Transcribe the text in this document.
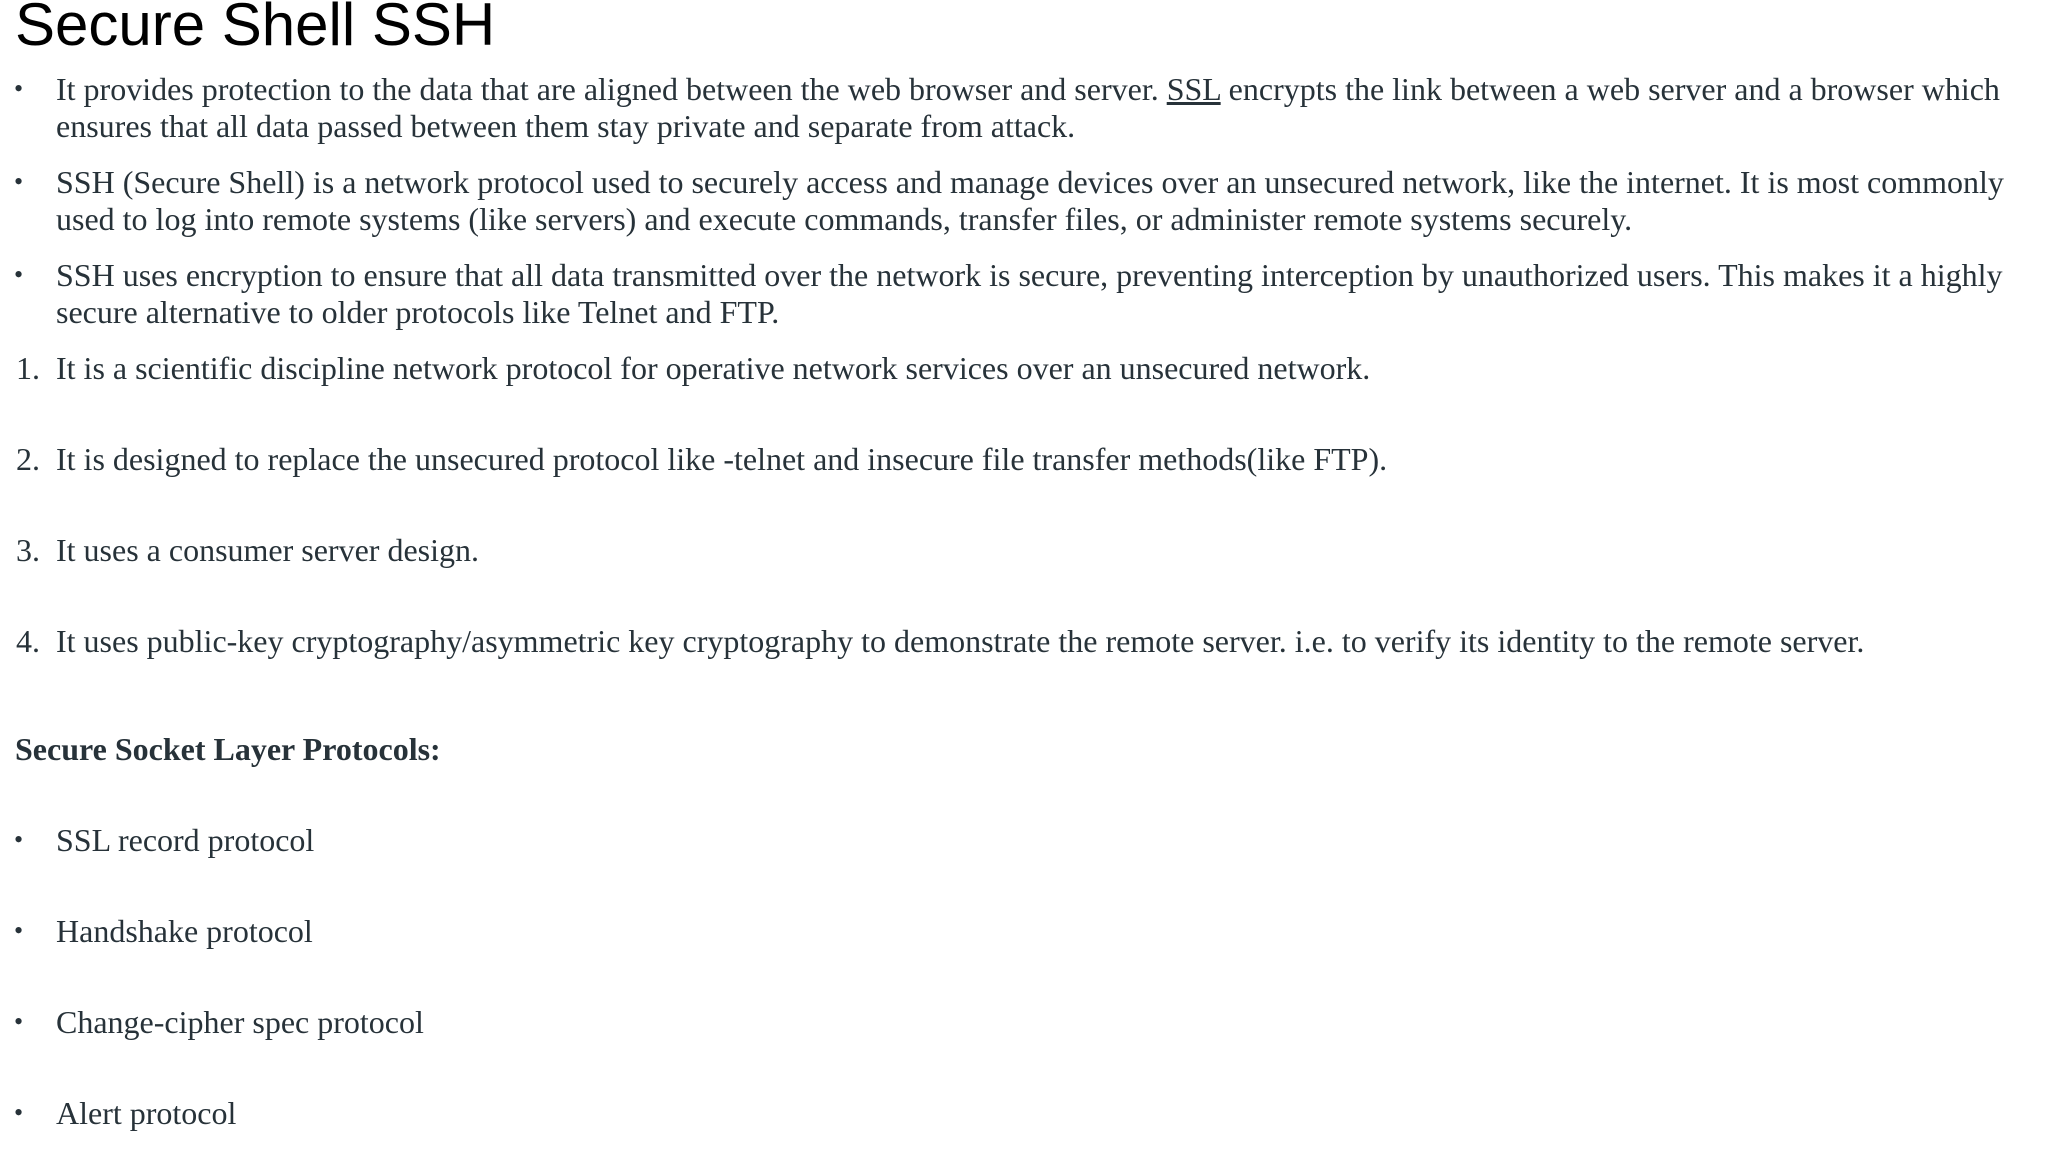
Secure Shell SSH
•	It provides protection to the data that are aligned between the web browser and server. SSL encrypts the link between a web server and a browser which ensures that all data passed between them stay private and separate from attack.
•	SSH (Secure Shell) is a network protocol used to securely access and manage devices over an unsecured network, like the internet. It is most commonly used to log into remote systems (like servers) and execute commands, transfer files, or administer remote systems securely.
•	SSH uses encryption to ensure that all data transmitted over the network is secure, preventing interception by unauthorized users. This makes it a highly secure alternative to older protocols like Telnet and FTP.
1. It is a scientific discipline network protocol for operative network services over an unsecured network.
2. It is designed to replace the unsecured protocol like -telnet and insecure file transfer methods(like FTP).
3. It uses a consumer server design.
4. It uses public-key cryptography/asymmetric key cryptography to demonstrate the remote server. i.e. to verify its identity to the remote server.
Secure Socket Layer Protocols:
•	SSL record protocol
•	Handshake protocol
•	Change-cipher spec protocol
•	Alert protocol
